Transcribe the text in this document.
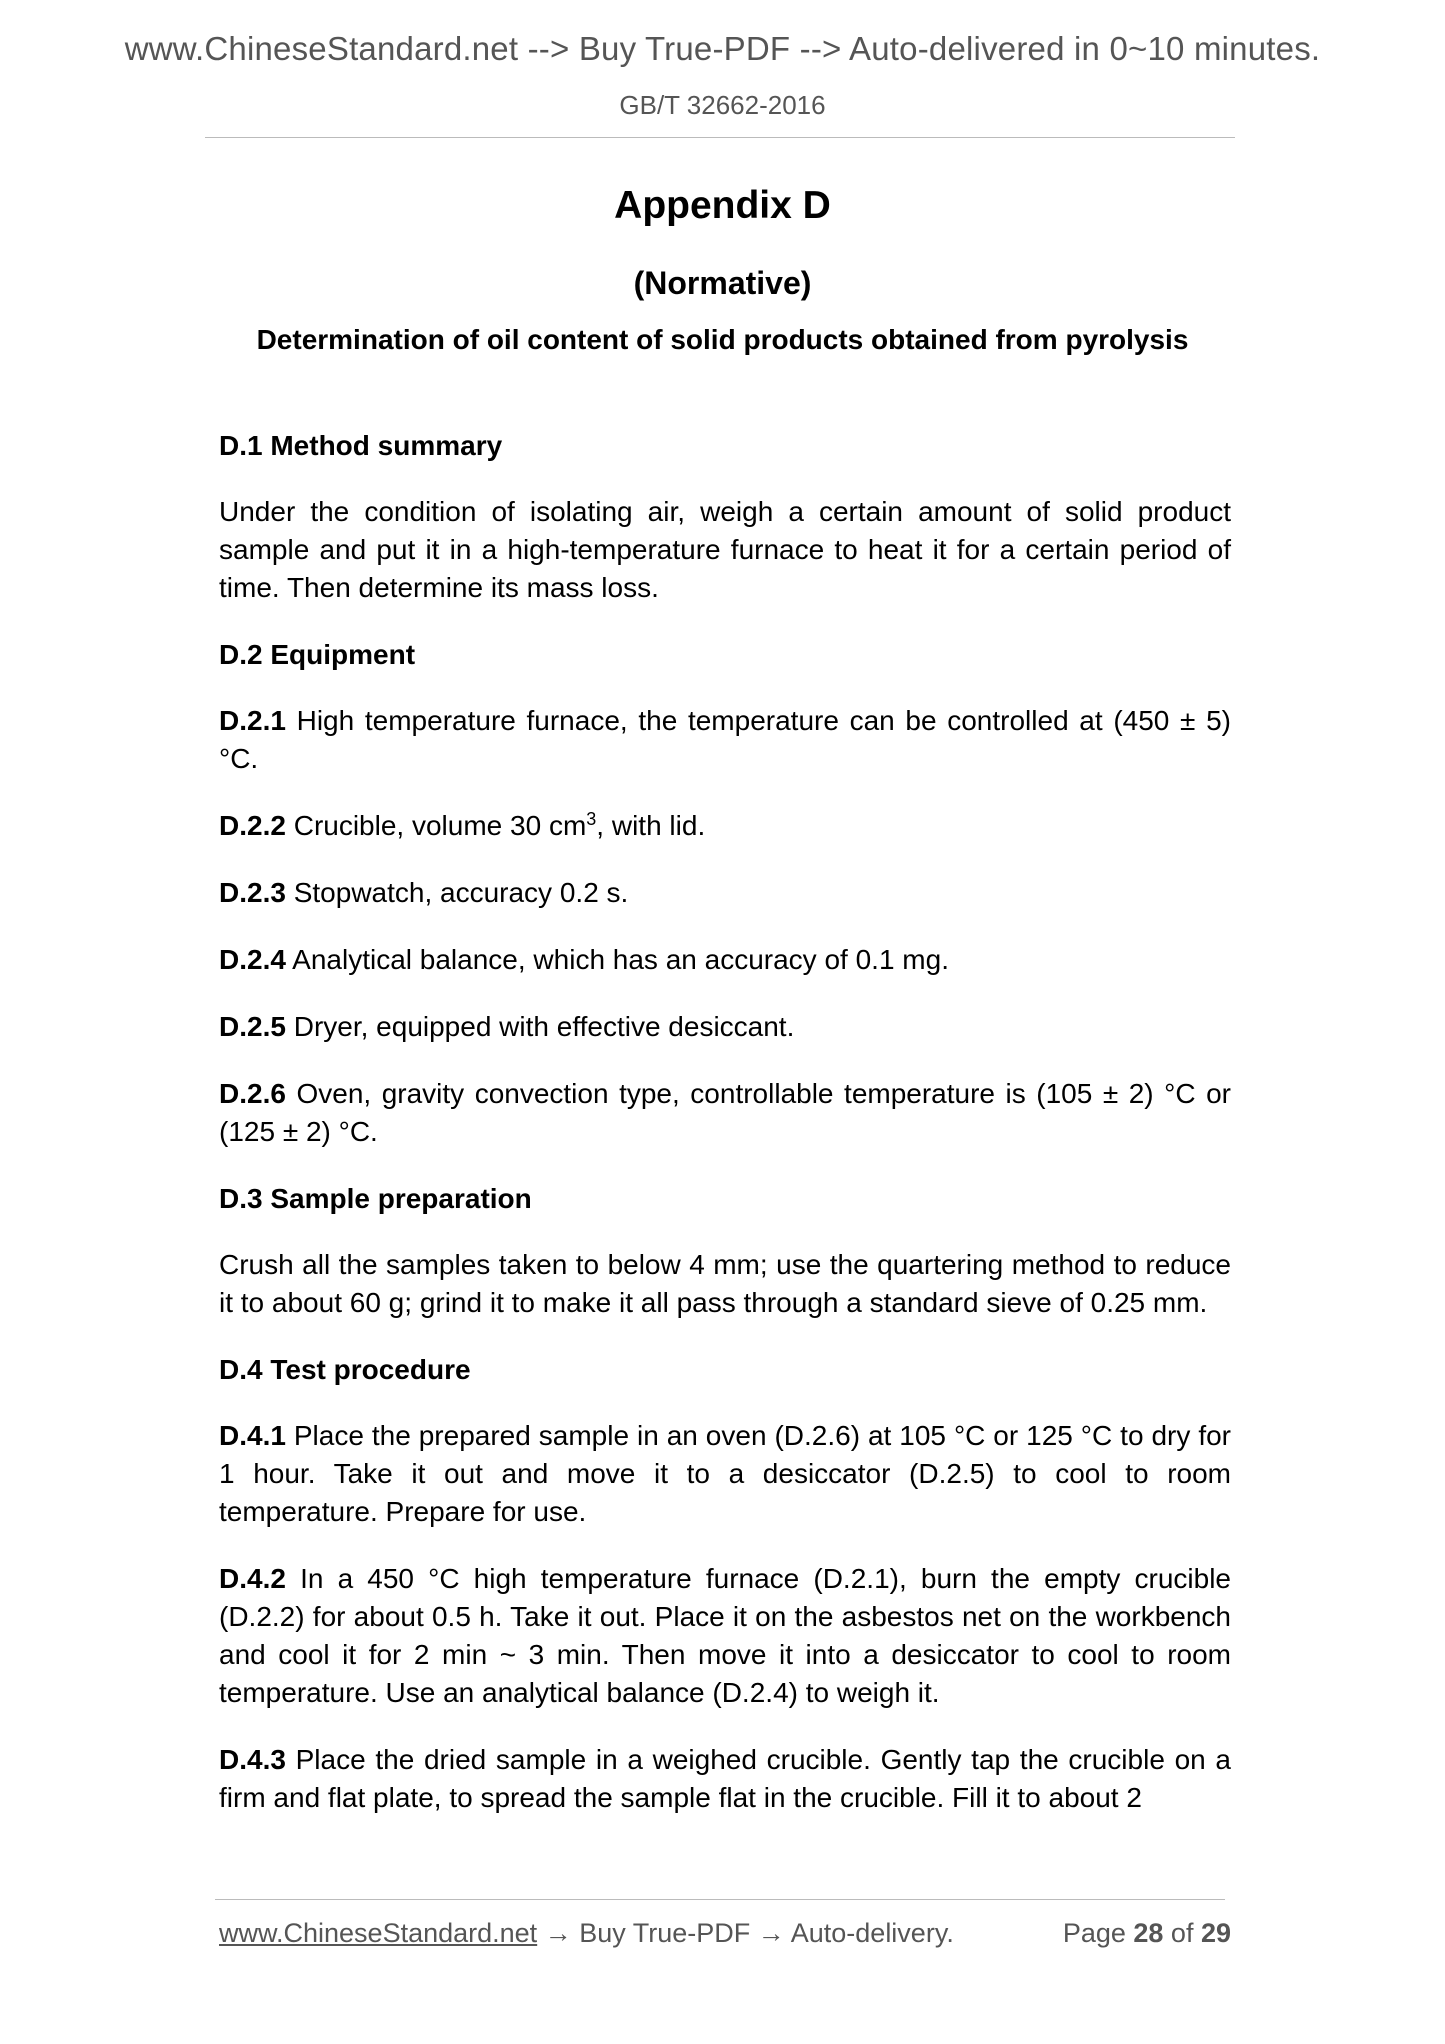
www.ChineseStandard.net --> Buy True-PDF --> Auto-delivered in 0~10 minutes.
GB/T 32662-2016
Appendix D
(Normative)
Determination of oil content of solid products obtained from pyrolysis
D.1 Method summary

Under the condition of isolating air, weigh a certain amount of solid product sample and put it in a high-temperature furnace to heat it for a certain period of time. Then determine its mass loss.

D.2 Equipment

D.2.1 High temperature furnace, the temperature can be controlled at (450 ± 5) °C.

D.2.2 Crucible, volume 30 $cm^3$, with lid.

D.2.3 Stopwatch, accuracy 0.2 s.

D.2.4 Analytical balance, which has an accuracy of 0.1 mg.

D.2.5 Dryer, equipped with effective desiccant.

D.2.6 Oven, gravity convection type, controllable temperature is (105 ± 2) °C or (125 ± 2) °C.

D.3 Sample preparation

Crush all the samples taken to below 4 mm; use the quartering method to reduce it to about 60 g; grind it to make it all pass through a standard sieve of 0.25 mm.

D.4 Test procedure

D.4.1 Place the prepared sample in an oven (D.2.6) at 105 °C or 125 °C to dry for 1 hour. Take it out and move it to a desiccator (D.2.5) to cool to room temperature. Prepare for use.

D.4.2 In a 450 °C high temperature furnace (D.2.1), burn the empty crucible (D.2.2) for about 0.5 h. Take it out. Place it on the asbestos net on the workbench and cool it for 2 min ~ 3 min. Then move it into a desiccator to cool to room temperature. Use an analytical balance (D.2.4) to weigh it.

D.4.3 Place the dried sample in a weighed crucible. Gently tap the crucible on a firm and flat plate, to spread the sample flat in the crucible. Fill it to about 2

www.ChineseStandard.net → Buy True-PDF → Auto-delivery.	Page 28 of 29
